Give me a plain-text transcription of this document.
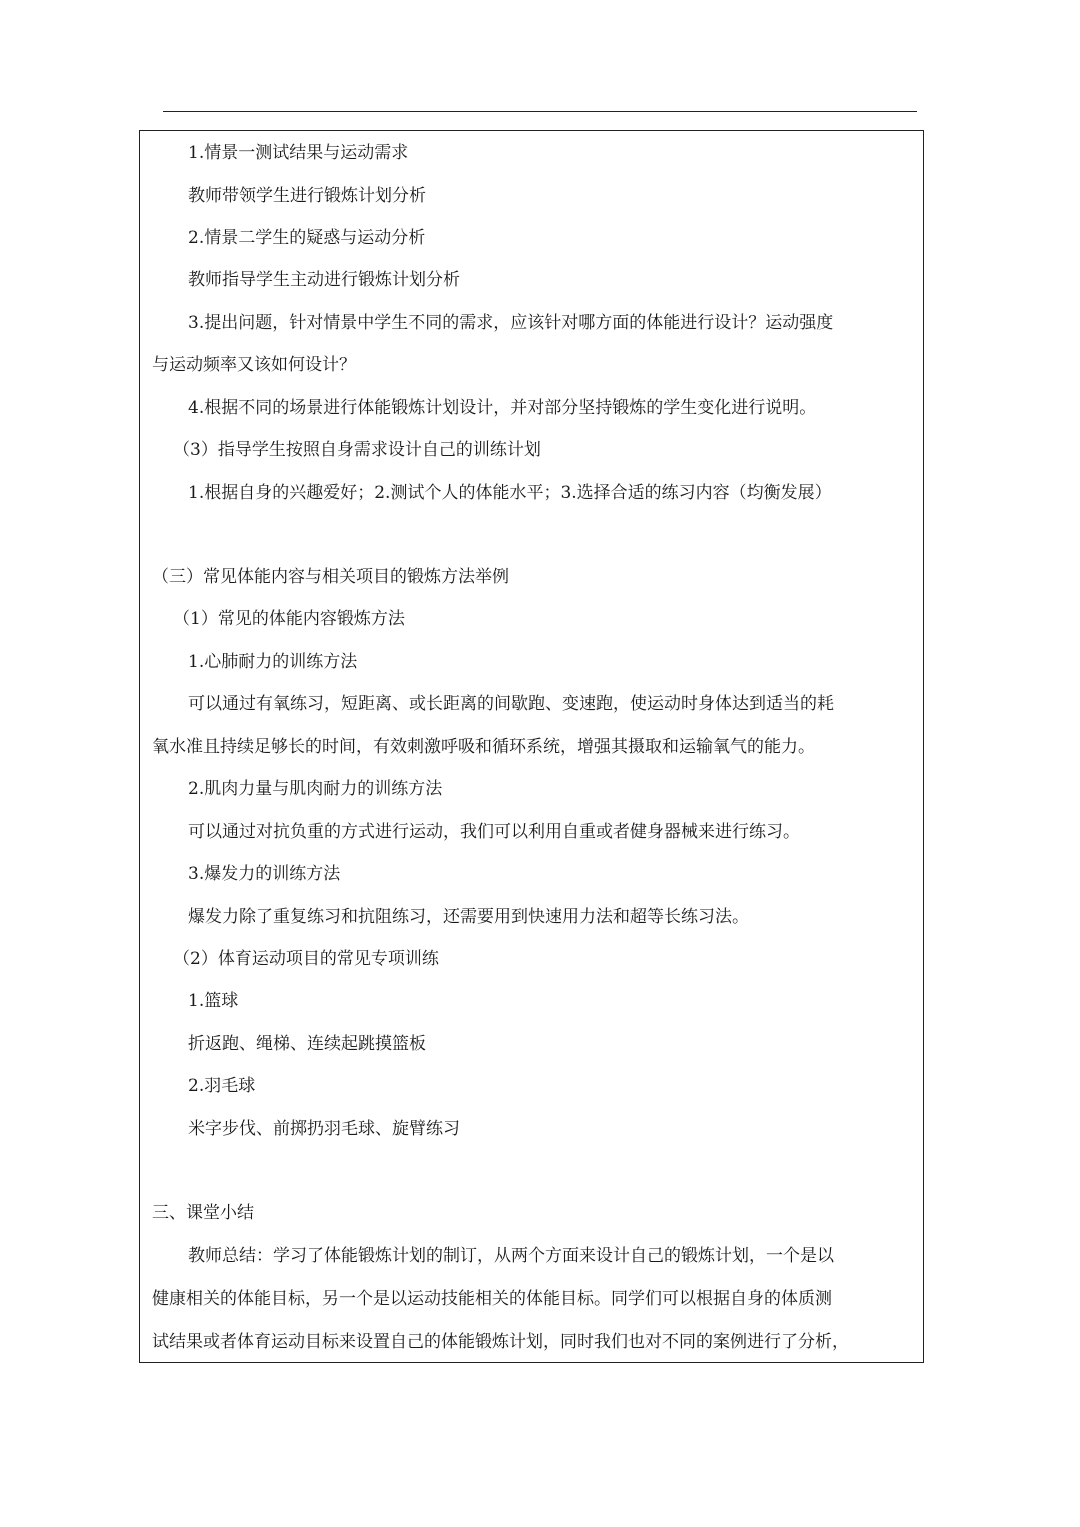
1.情景一测试结果与运动需求
教师带领学生进行锻炼计划分析
2.情景二学生的疑惑与运动分析
教师指导学生主动进行锻炼计划分析
3.提出问题，针对情景中学生不同的需求，应该针对哪方面的体能进行设计？运动强度
与运动频率又该如何设计？
4.根据不同的场景进行体能锻炼计划设计，并对部分坚持锻炼的学生变化进行说明。
（3）指导学生按照自身需求设计自己的训练计划
1.根据自身的兴趣爱好；2.测试个人的体能水平；3.选择合适的练习内容（均衡发展）
（三）常见体能内容与相关项目的锻炼方法举例
（1）常见的体能内容锻炼方法
1.心肺耐力的训练方法
可以通过有氧练习，短距离、或长距离的间歇跑、变速跑，使运动时身体达到适当的耗
氧水准且持续足够长的时间，有效刺激呼吸和循环系统，增强其摄取和运输氧气的能力。
2.肌肉力量与肌肉耐力的训练方法
可以通过对抗负重的方式进行运动，我们可以利用自重或者健身器械来进行练习。
3.爆发力的训练方法
爆发力除了重复练习和抗阻练习，还需要用到快速用力法和超等长练习法。
（2）体育运动项目的常见专项训练
1.篮球
折返跑、绳梯、连续起跳摸篮板
2.羽毛球
米字步伐、前掷扔羽毛球、旋臂练习
三、课堂小结
教师总结：学习了体能锻炼计划的制订，从两个方面来设计自己的锻炼计划，一个是以
健康相关的体能目标，另一个是以运动技能相关的体能目标。同学们可以根据自身的体质测
试结果或者体育运动目标来设置自己的体能锻炼计划，同时我们也对不同的案例进行了分析，
